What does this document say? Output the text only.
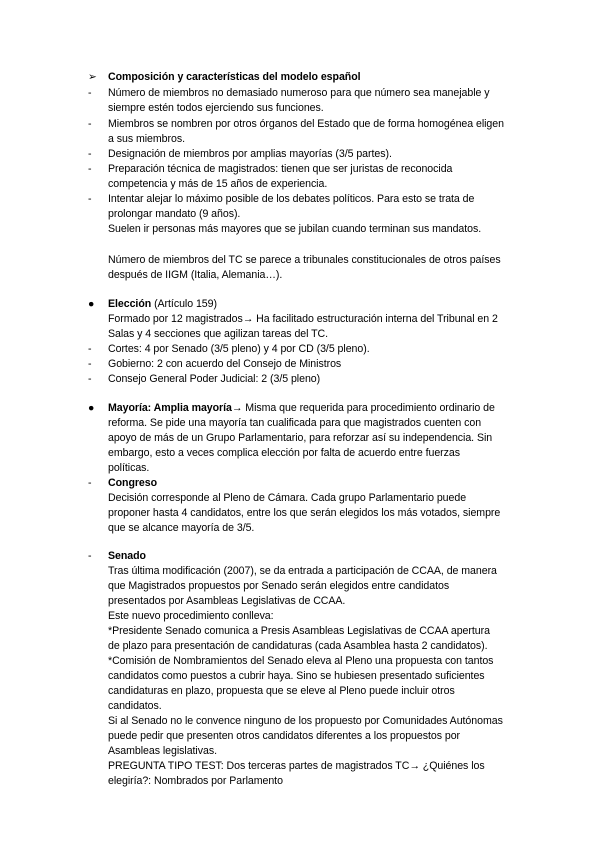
➢ Composición y características del modelo español
- Número de miembros no demasiado numeroso para que número sea manejable y
siempre estén todos ejerciendo sus funciones.
- Miembros se nombren por otros órganos del Estado que de forma homogénea eligen
a sus miembros.
- Designación de miembros por amplias mayorías (3/5 partes).
- Preparación técnica de magistrados: tienen que ser juristas de reconocida
competencia y más de 15 años de experiencia.
- Intentar alejar lo máximo posible de los debates políticos. Para esto se trata de
prolongar mandato (9 años).
Suelen ir personas más mayores que se jubilan cuando terminan sus mandatos.
Número de miembros del TC se parece a tribunales constitucionales de otros países
después de IIGM (Italia, Alemania…).
● Elección (Artículo 159)
Formado por 12 magistrados→ Ha facilitado estructuración interna del Tribunal en 2
Salas y 4 secciones que agilizan tareas del TC.
- Cortes: 4 por Senado (3/5 pleno) y 4 por CD (3/5 pleno).
- Gobierno: 2 con acuerdo del Consejo de Ministros
- Consejo General Poder Judicial: 2 (3/5 pleno)
● Mayoría: Amplia mayoría→ Misma que requerida para procedimiento ordinario de
reforma. Se pide una mayoría tan cualificada para que magistrados cuenten con
apoyo de más de un Grupo Parlamentario, para reforzar así su independencia. Sin
embargo, esto a veces complica elección por falta de acuerdo entre fuerzas
políticas.
- Congreso
Decisión corresponde al Pleno de Cámara. Cada grupo Parlamentario puede
proponer hasta 4 candidatos, entre los que serán elegidos los más votados, siempre
que se alcance mayoría de 3/5.
- Senado
Tras última modificación (2007), se da entrada a participación de CCAA, de manera
que Magistrados propuestos por Senado serán elegidos entre candidatos
presentados por Asambleas Legislativas de CCAA.
Este nuevo procedimiento conlleva:
*Presidente Senado comunica a Presis Asambleas Legislativas de CCAA apertura
de plazo para presentación de candidaturas (cada Asamblea hasta 2 candidatos).
*Comisión de Nombramientos del Senado eleva al Pleno una propuesta con tantos
candidatos como puestos a cubrir haya. Sino se hubiesen presentado suficientes
candidaturas en plazo, propuesta que se eleve al Pleno puede incluir otros
candidatos.
Si al Senado no le convence ninguno de los propuesto por Comunidades Autónomas
puede pedir que presenten otros candidatos diferentes a los propuestos por
Asambleas legislativas.
PREGUNTA TIPO TEST: Dos terceras partes de magistrados TC→ ¿Quiénes los
elegiría?: Nombrados por Parlamento
